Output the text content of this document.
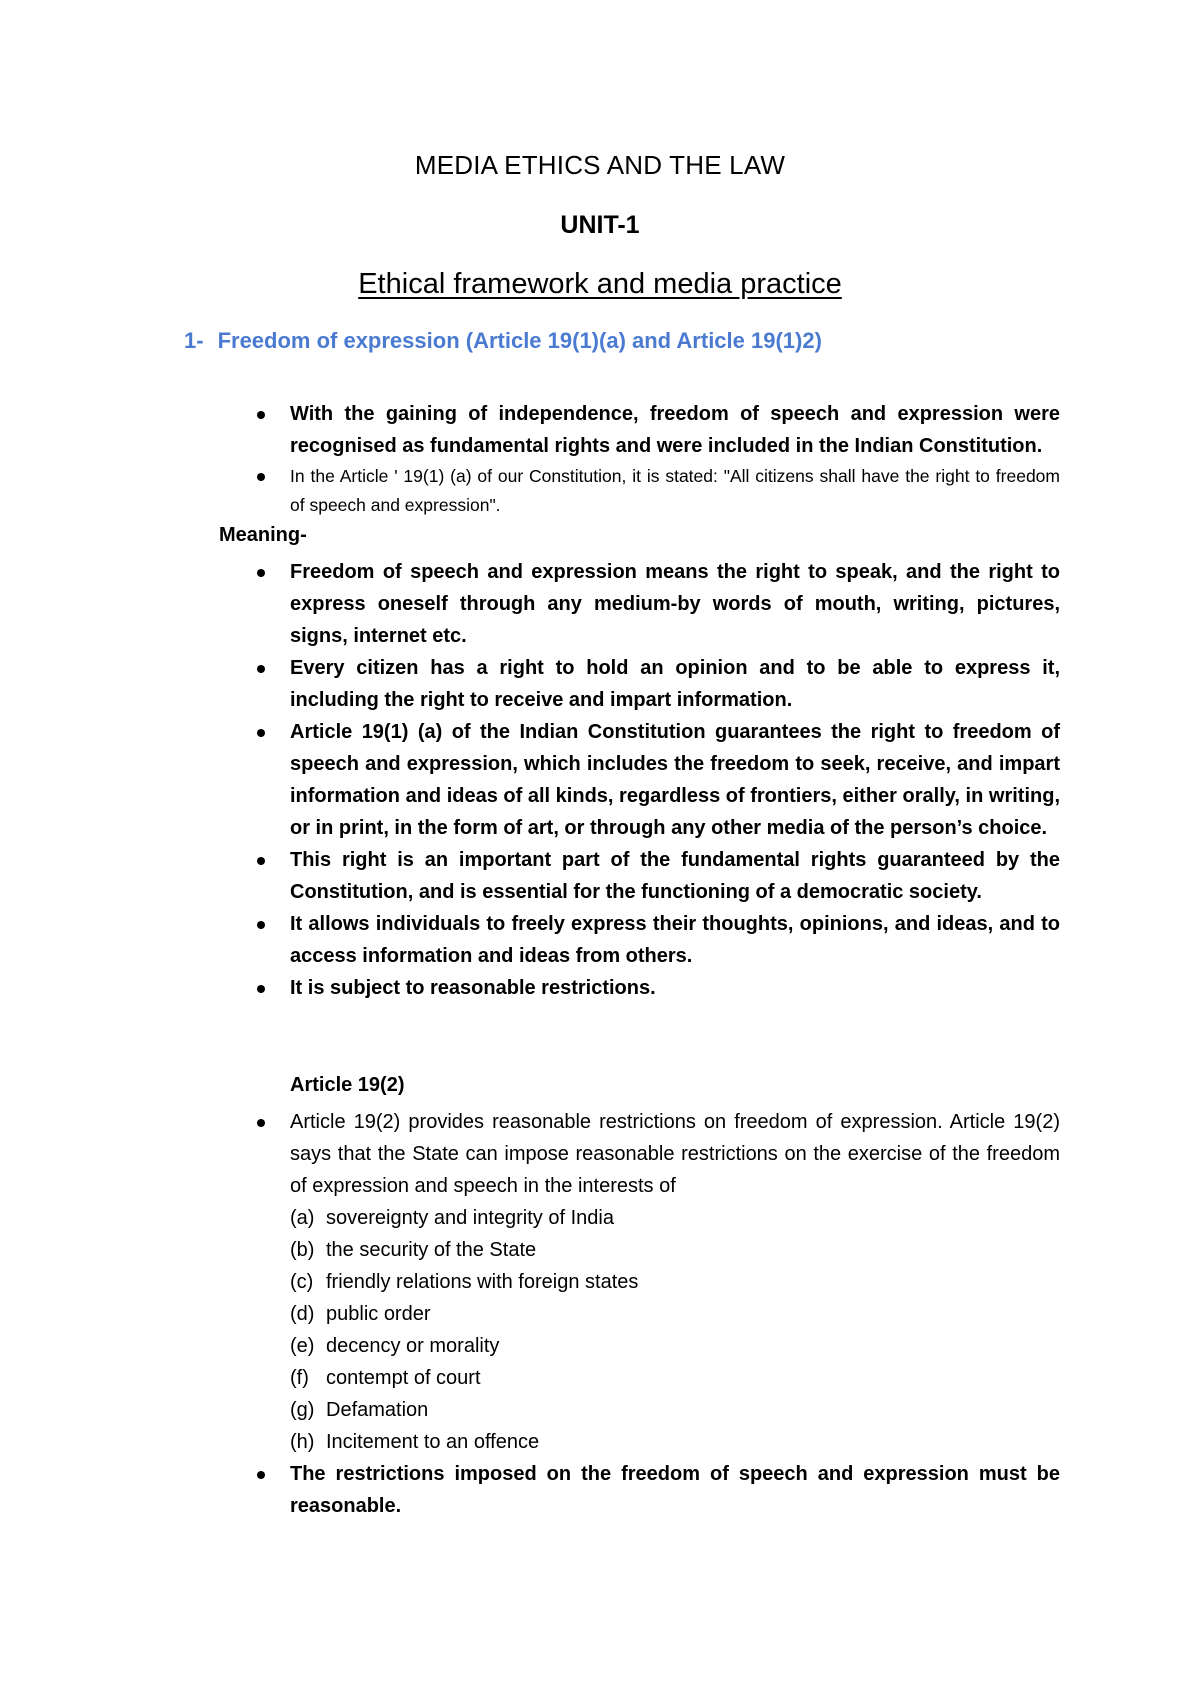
MEDIA ETHICS AND THE LAW
UNIT-1
Ethical framework and media practice
1- Freedom of expression (Article 19(1)(a) and Article 19(1)2)
With the gaining of independence, freedom of speech and expression were recognised as fundamental rights and were included in the Indian Constitution.
In the Article ' 19(1) (a) of our Constitution, it is stated: "All citizens shall have the right to freedom of speech and expression".
Meaning-
Freedom of speech and expression means the right to speak, and the right to express oneself through any medium-by words of mouth, writing, pictures, signs, internet etc.
Every citizen has a right to hold an opinion and to be able to express it, including the right to receive and impart information.
Article 19(1) (a) of the Indian Constitution guarantees the right to freedom of speech and expression, which includes the freedom to seek, receive, and impart information and ideas of all kinds, regardless of frontiers, either orally, in writing, or in print, in the form of art, or through any other media of the person’s choice.
This right is an important part of the fundamental rights guaranteed by the Constitution, and is essential for the functioning of a democratic society.
It allows individuals to freely express their thoughts, opinions, and ideas, and to access information and ideas from others.
It is subject to reasonable restrictions.
Article 19(2)
Article 19(2) provides reasonable restrictions on freedom of expression. Article 19(2) says that the State can impose reasonable restrictions on the exercise of the freedom of expression and speech in the interests of
(a) sovereignty and integrity of India
(b) the security of the State
(c) friendly relations with foreign states
(d) public order
(e) decency or morality
(f) contempt of court
(g) Defamation
(h) Incitement to an offence
The restrictions imposed on the freedom of speech and expression must be reasonable.
